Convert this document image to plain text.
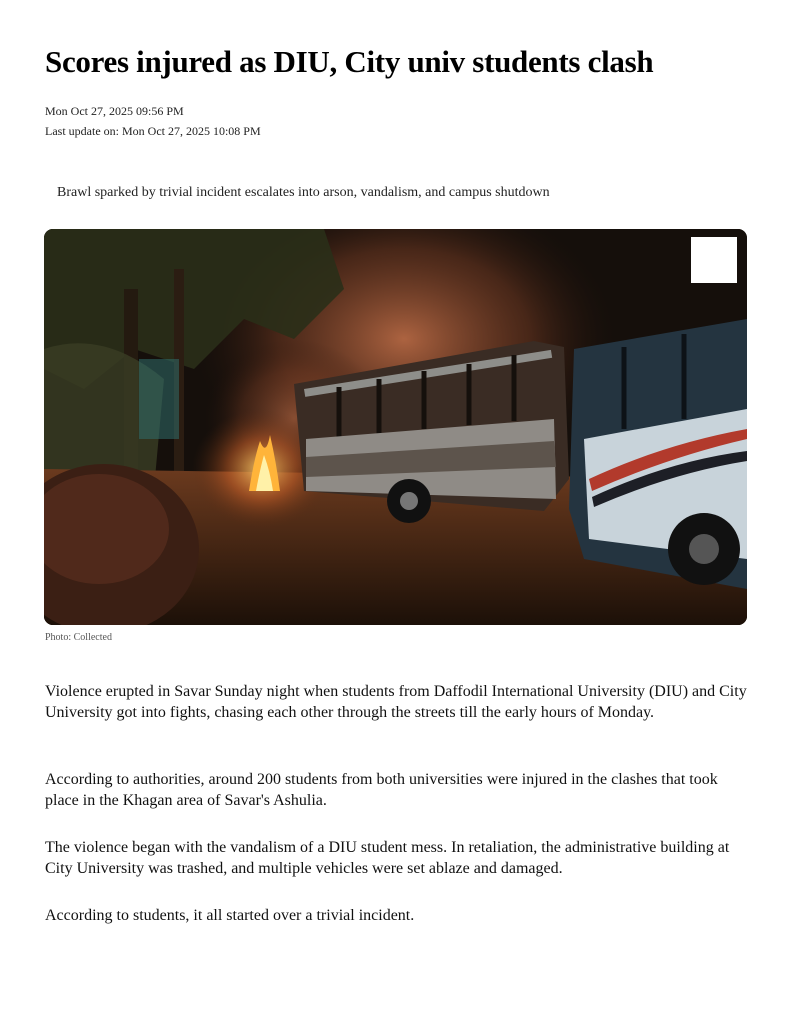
Scores injured as DIU, City univ students clash
Mon Oct 27, 2025 09:56 PM
Last update on: Mon Oct 27, 2025 10:08 PM
Brawl sparked by trivial incident escalates into arson, vandalism, and campus shutdown
Photo: Collected

Violence erupted in Savar Sunday night when students from Daffodil International University (DIU) and City University got into fights, chasing each other through the streets till the early hours of Monday.

According to authorities, around 200 students from both universities were injured in the clashes that took place in the Khagan area of Savar's Ashulia.

The violence began with the vandalism of a DIU student mess. In retaliation, the administrative building at City University was trashed, and multiple vehicles were set ablaze and damaged.

According to students, it all started over a trivial incident.
